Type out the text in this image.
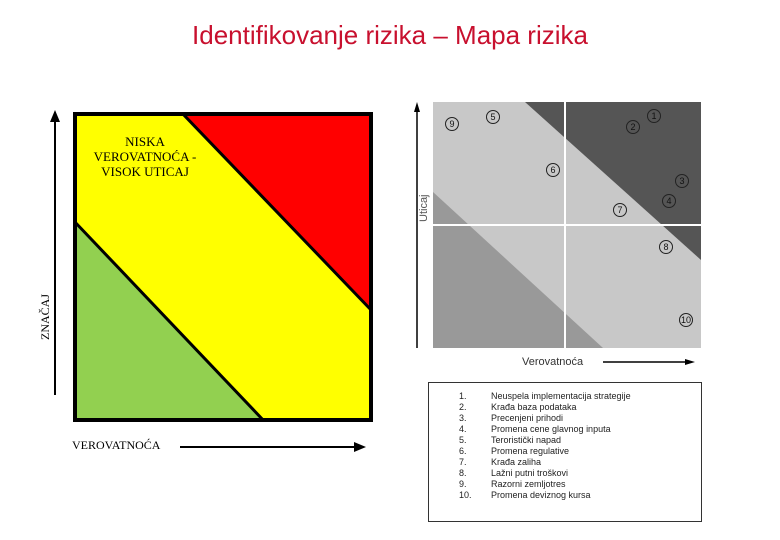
Identifikovanje rizika – Mapa rizika
NISKA VEROVATNOĆA - VISOK UTICAJ
ZNAČAJ
VEROVATNOĆA
Uticaj
Verovatnoća
1
2
3
4
5
6
7
8
9
10
1.	Neuspela implementacija strategije
2.	Krađa baza podataka
3.	Precenjeni prihodi
4.	Promena cene glavnog inputa
5.	Teroristički napad
6.	Promena regulative
7.	Krađa zaliha
8.	Lažni putni troškovi
9.	Razorni zemljotres
10.	Promena deviznog kursa
